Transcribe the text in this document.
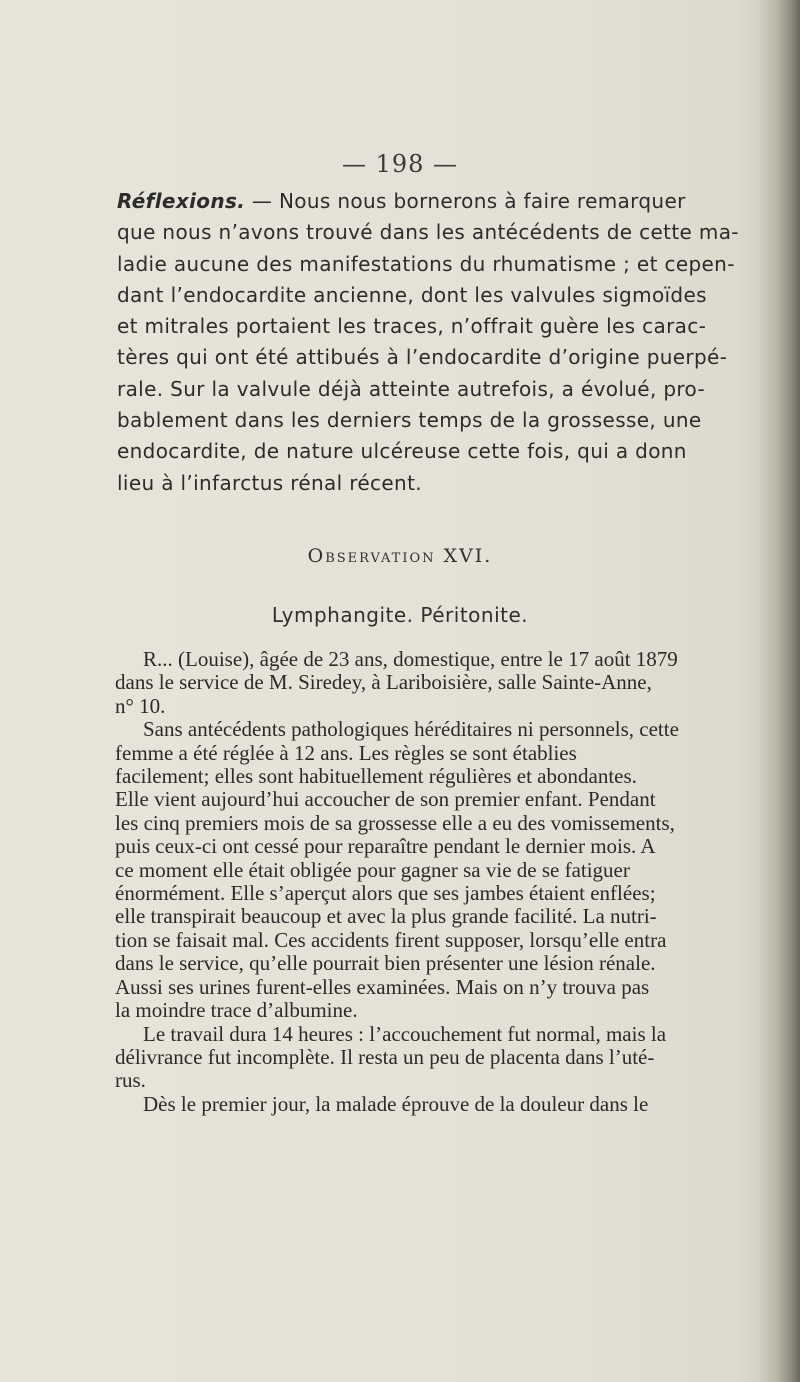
— 198 —
Réflexions. — Nous nous bornerons à faire remarquer
que nous n’avons trouvé dans les antécédents de cette ma-
ladie aucune des manifestations du rhumatisme ; et cepen-
dant l’endocardite ancienne, dont les valvules sigmoïdes
et mitrales portaient les traces, n’offrait guère les carac-
tères qui ont été attibués à l’endocardite d’origine puerpé-
rale. Sur la valvule déjà atteinte autrefois, a évolué, pro-
bablement dans les derniers temps de la grossesse, une
endocardite, de nature ulcéreuse cette fois, qui a donn
lieu à l’infarctus rénal récent.
Observation XVI.
Lymphangite. Péritonite.
R... (Louise), âgée de 23 ans, domestique, entre le 17 août 1879
dans le service de M. Siredey, à Lariboisière, salle Sainte-Anne,
n° 10.
Sans antécédents pathologiques héréditaires ni personnels, cette
femme a été réglée à 12 ans. Les règles se sont établies
facilement; elles sont habituellement régulières et abondantes.
Elle vient aujourd’hui accoucher de son premier enfant. Pendant
les cinq premiers mois de sa grossesse elle a eu des vomissements,
puis ceux-ci ont cessé pour reparaître pendant le dernier mois. A
ce moment elle était obligée pour gagner sa vie de se fatiguer
énormément. Elle s’aperçut alors que ses jambes étaient enflées;
elle transpirait beaucoup et avec la plus grande facilité. La nutri-
tion se faisait mal. Ces accidents firent supposer, lorsqu’elle entra
dans le service, qu’elle pourrait bien présenter une lésion rénale.
Aussi ses urines furent-elles examinées. Mais on n’y trouva pas
la moindre trace d’albumine.
Le travail dura 14 heures : l’accouchement fut normal, mais la
délivrance fut incomplète. Il resta un peu de placenta dans l’uté-
rus.
Dès le premier jour, la malade éprouve de la douleur dans le
